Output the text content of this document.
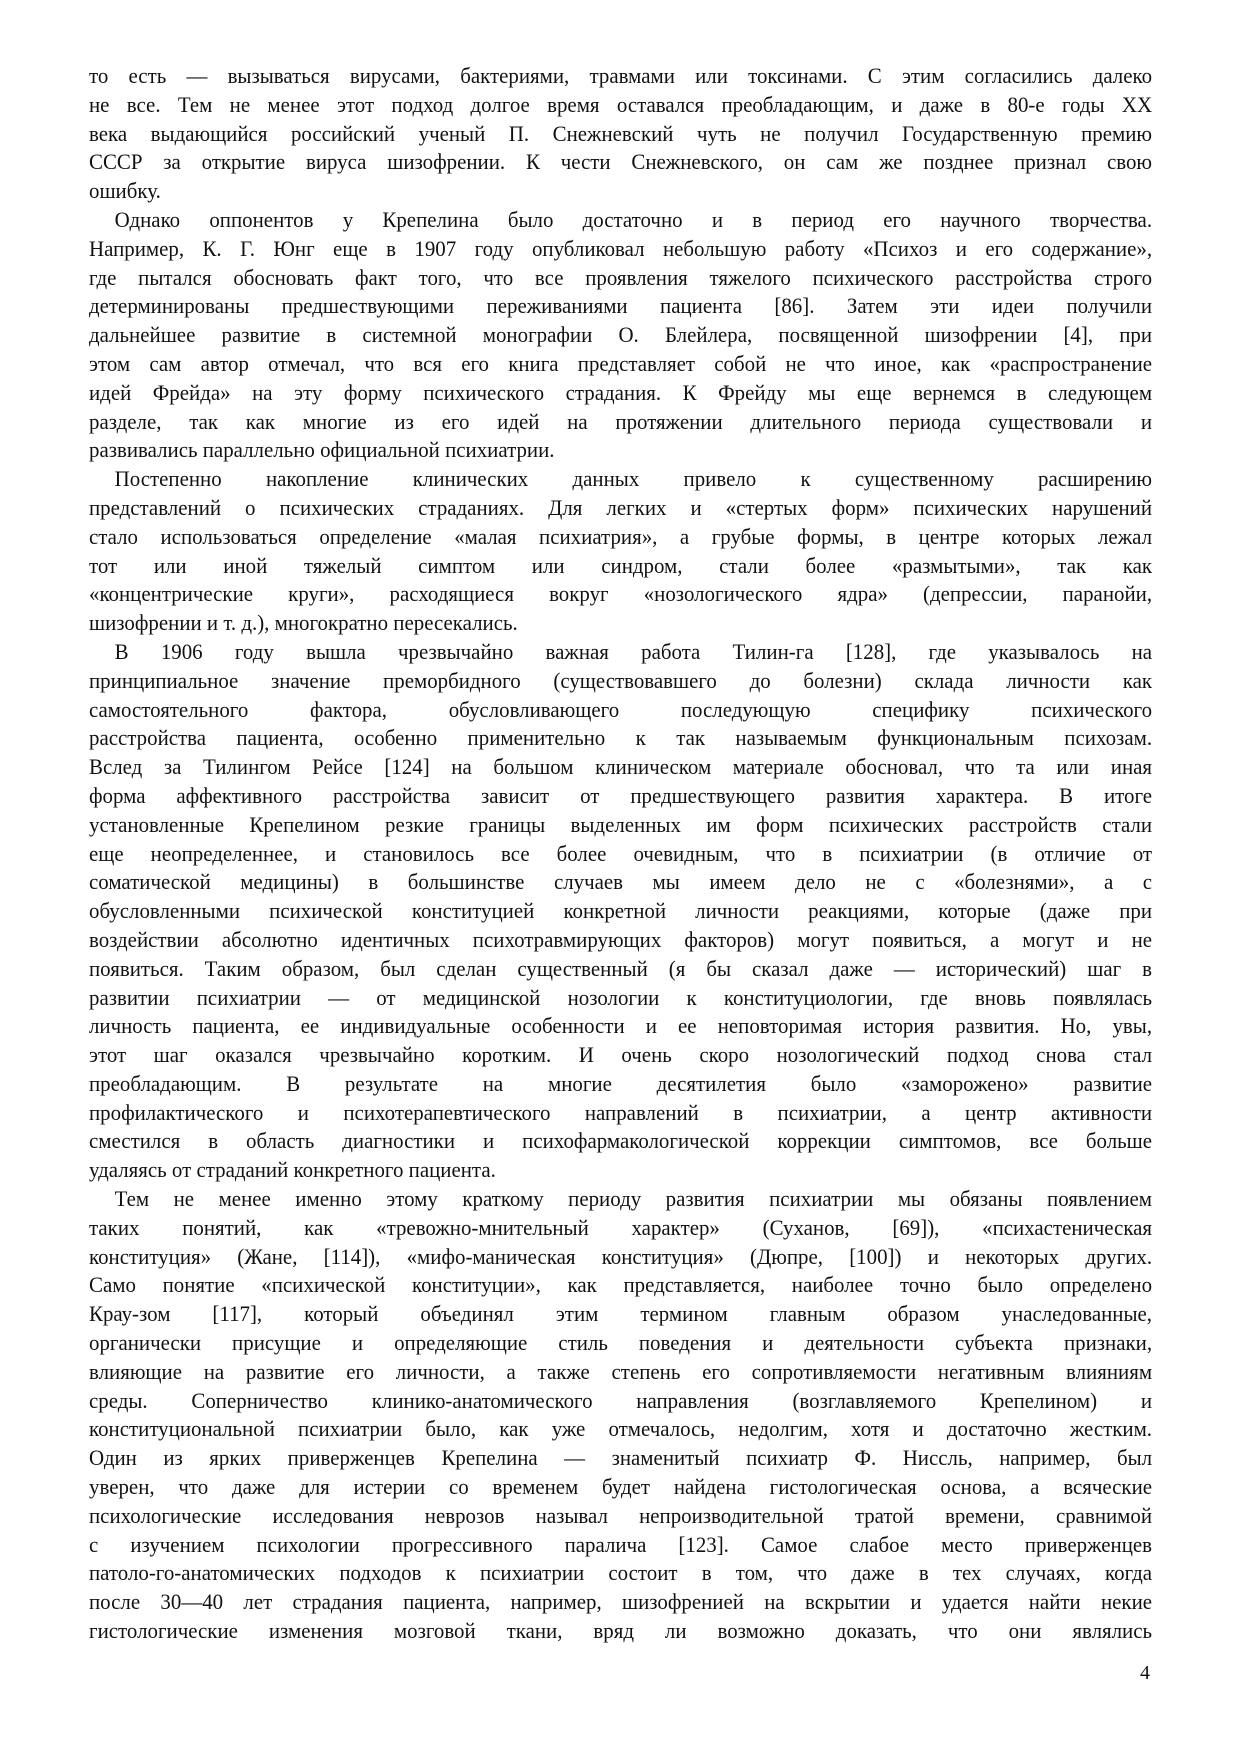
то есть — вызываться вирусами, бактериями, травмами или токсинами. С этим согласились далеко
не все. Тем не менее этот подход долгое время оставался преобладающим, и даже в 80-е годы XX
века выдающийся российский ученый П. Снежневский чуть не получил Государственную премию
СССР за открытие вируса шизофрении. К чести Снежневского, он сам же позднее признал свою
ошибку.
Однако оппонентов у Крепелина было достаточно и в период его научного творчества.
Например, К. Г. Юнг еще в 1907 году опубликовал небольшую работу «Психоз и его содержание»,
где пытался обосновать факт того, что все проявления тяжелого психического расстройства строго
детерминированы предшествующими переживаниями пациента [86]. Затем эти идеи получили
дальнейшее развитие в системной монографии О. Блейлера, посвященной шизофрении [4], при
этом сам автор отмечал, что вся его книга представляет собой не что иное, как «распространение
идей Фрейда» на эту форму психического страдания. К Фрейду мы еще вернемся в следующем
разделе, так как многие из его идей на протяжении длительного периода существовали и
развивались параллельно официальной психиатрии.
Постепенно накопление клинических данных привело к существенному расширению
представлений о психических страданиях. Для легких и «стертых форм» психических нарушений
стало использоваться определение «малая психиатрия», а грубые формы, в центре которых лежал
тот или иной тяжелый симптом или синдром, стали более «размытыми», так как
«концентрические круги», расходящиеся вокруг «нозологического ядра» (депрессии, паранойи,
шизофрении и т. д.), многократно пересекались.
В 1906 году вышла чрезвычайно важная работа Тилин-га [128], где указывалось на
принципиальное значение преморбидного (существовавшего до болезни) склада личности как
самостоятельного фактора, обусловливающего последующую специфику психического
расстройства пациента, особенно применительно к так называемым функциональным психозам.
Вслед за Тилингом Рейсе [124] на большом клиническом материале обосновал, что та или иная
форма аффективного расстройства зависит от предшествующего развития характера. В итоге
установленные Крепелином резкие границы выделенных им форм психических расстройств стали
еще неопределеннее, и становилось все более очевидным, что в психиатрии (в отличие от
соматической медицины) в большинстве случаев мы имеем дело не с «болезнями», а с
обусловленными психической конституцией конкретной личности реакциями, которые (даже при
воздействии абсолютно идентичных психотравмирующих факторов) могут появиться, а могут и не
появиться. Таким образом, был сделан существенный (я бы сказал даже — исторический) шаг в
развитии психиатрии — от медицинской нозологии к конституциологии, где вновь появлялась
личность пациента, ее индивидуальные особенности и ее неповторимая история развития. Но, увы,
этот шаг оказался чрезвычайно коротким. И очень скоро нозологический подход снова стал
преобладающим. В результате на многие десятилетия было «заморожено» развитие
профилактического и психотерапевтического направлений в психиатрии, а центр активности
сместился в область диагностики и психофармакологической коррекции симптомов, все больше
удаляясь от страданий конкретного пациента.
Тем не менее именно этому краткому периоду развития психиатрии мы обязаны появлением
таких понятий, как «тревожно-мнительный характер» (Суханов, [69]), «психастеническая
конституция» (Жане, [114]), «мифо-маническая конституция» (Дюпре, [100]) и некоторых других.
Само понятие «психической конституции», как представляется, наиболее точно было определено
Крау-зом [117], который объединял этим термином главным образом унаследованные,
органически присущие и определяющие стиль поведения и деятельности субъекта признаки,
влияющие на развитие его личности, а также степень его сопротивляемости негативным влияниям
среды. Соперничество клинико-анатомического направления (возглавляемого Крепелином) и
конституциональной психиатрии было, как уже отмечалось, недолгим, хотя и достаточно жестким.
Один из ярких приверженцев Крепелина — знаменитый психиатр Ф. Ниссль, например, был
уверен, что даже для истерии со временем будет найдена гистологическая основа, а всяческие
психологические исследования неврозов называл непроизводительной тратой времени, сравнимой
с изучением психологии прогрессивного паралича [123]. Самое слабое место приверженцев
патоло-го-анатомических подходов к психиатрии состоит в том, что даже в тех случаях, когда
после 30—40 лет страдания пациента, например, шизофренией на вскрытии и удается найти некие
гистологические изменения мозговой ткани, вряд ли возможно доказать, что они являлись
4
